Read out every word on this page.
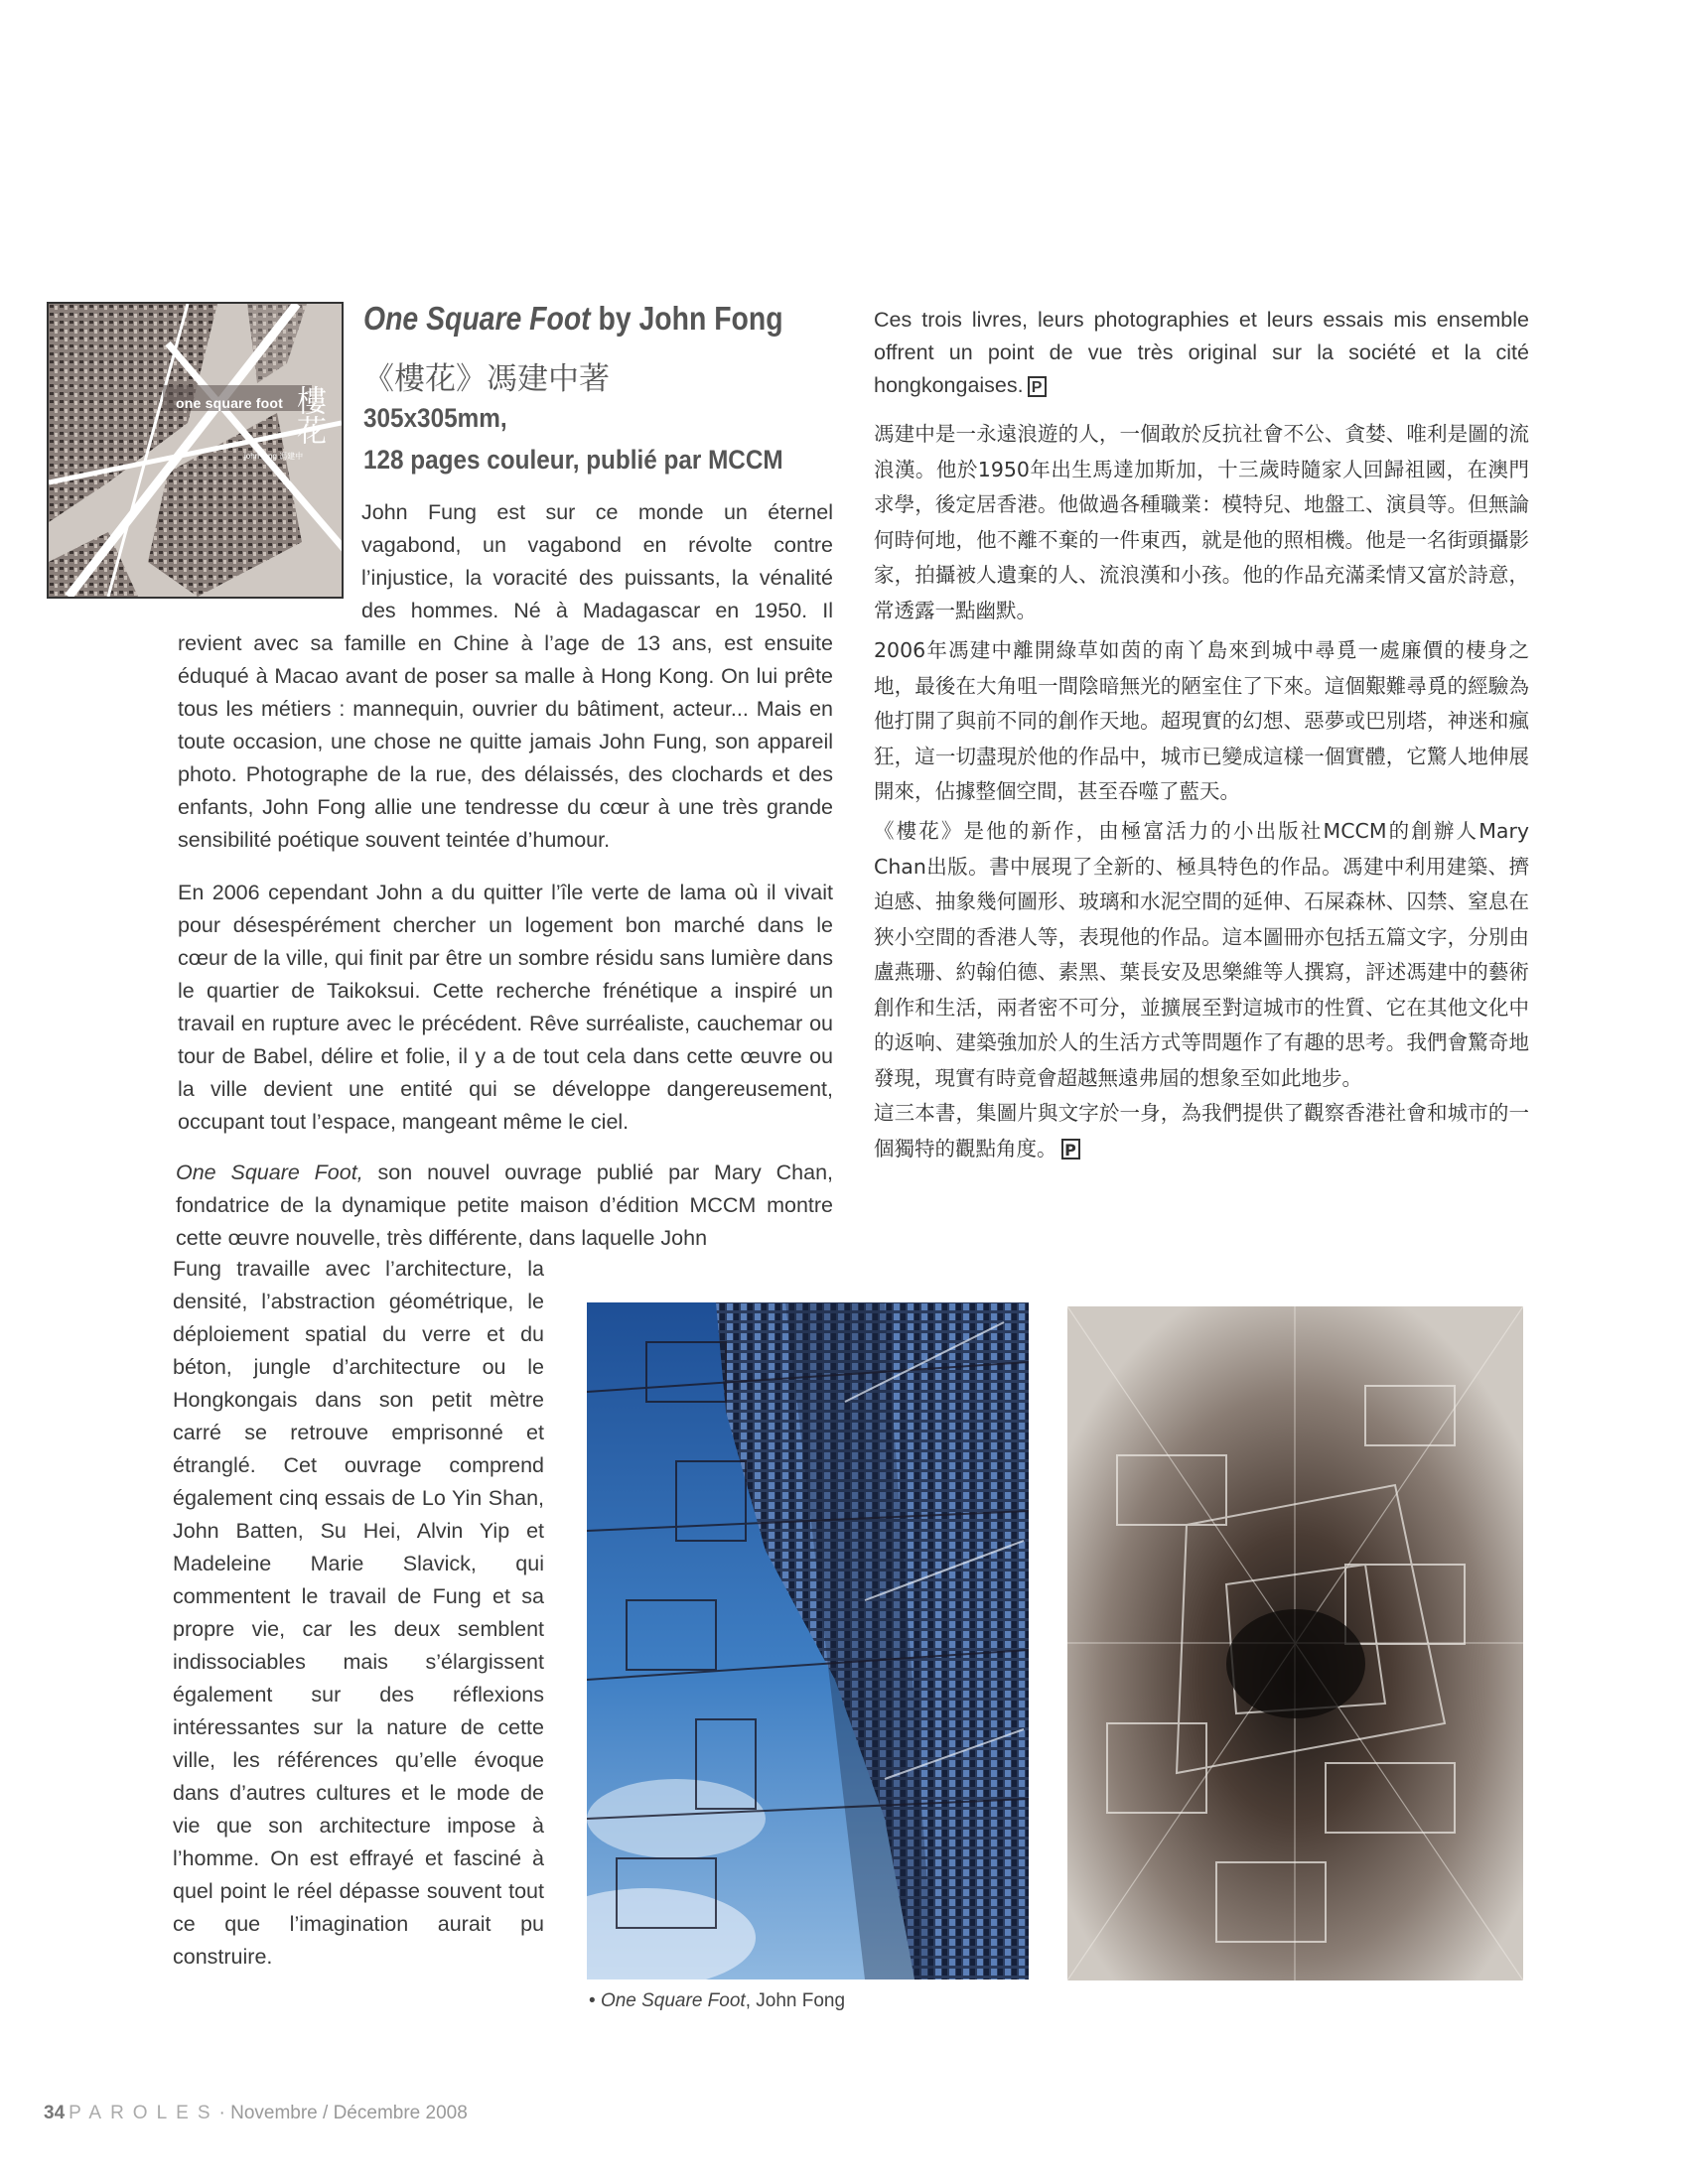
one square foot 樓花
john fong 馮建中
One Square Foot by John Fong
《樓花》馮建中著
305x305mm,
128 pages couleur, publié par MCCM
John Fung est sur ce monde un éternel vagabond, un vagabond en révolte contre l’injustice, la voracité des puissants, la vénalité des hommes. Né à Madagascar en 1950. Il revient avec sa famille en Chine à l’age de 13 ans, est ensuite éduqué à Macao avant de poser sa malle à Hong Kong. On lui prête tous les métiers : mannequin, ouvrier du bâtiment, acteur... Mais en toute occasion, une chose ne quitte jamais John Fung, son appareil photo. Photographe de la rue, des délaissés, des clochards et des enfants, John Fong allie une tendresse du cœur à une très grande sensibilité poétique souvent teintée d’humour.
En 2006 cependant John a du quitter l’île verte de lama où il vivait pour désespérément chercher un logement bon marché dans le cœur de la ville, qui finit par être un sombre résidu sans lumière dans le quartier de Taikoksui. Cette recherche frénétique a inspiré un travail en rupture avec le précédent. Rêve surréaliste, cauchemar ou tour de Babel, délire et folie, il y a de tout cela dans cette œuvre ou la ville devient une entité qui se développe dangereusement, occupant tout l’espace, mangeant même le ciel.
One Square Foot, son nouvel ouvrage publié par Mary Chan, fondatrice de la dynamique petite maison d’édition MCCM montre cette œuvre nouvelle, très différente, dans laquelle John
Fung travaille avec l’architecture, la densité, l’abstraction géométrique, le déploiement spatial du verre et du béton, jungle d’architecture ou le Hongkongais dans son petit mètre carré se retrouve emprisonné et étranglé. Cet ouvrage comprend également cinq essais de Lo Yin Shan, John Batten, Su Hei, Alvin Yip et Madeleine Marie Slavick, qui commentent le travail de Fung et sa propre vie, car les deux semblent indissociables mais s’élargissent également sur des réflexions intéressantes sur la nature de cette ville, les références qu’elle évoque dans d’autres cultures et le mode de vie que son architecture impose à l’homme. On est effrayé et fasciné à quel point le réel dépasse souvent tout ce que l’imagination aurait pu construire.
Ces trois livres, leurs photographies et leurs essais mis ensemble offrent un point de vue très original sur la société et la cité hongkongaises. P
馮建中是一永遠浪遊的人，一個敢於反抗社會不公、貪婪、唯利是圖的流浪漢。他於1950年出生馬達加斯加，十三歲時隨家人回歸祖國，在澳門求學，後定居香港。他做過各種職業：模特兒、地盤工、演員等。但無論何時何地，他不離不棄的一件東西，就是他的照相機。他是一名街頭攝影家，拍攝被人遺棄的人、流浪漢和小孩。他的作品充滿柔情又富於詩意，常透露一點幽默。
2006年馮建中離開綠草如茵的南丫島來到城中尋覓一處廉價的棲身之地，最後在大角咀一間陰暗無光的陋室住了下來。這個艱難尋覓的經驗為他打開了與前不同的創作天地。超現實的幻想、惡夢或巴別塔，神迷和瘋狂，這一切盡現於他的作品中，城市已變成這樣一個實體，它驚人地伸展開來，佔據整個空間，甚至吞噬了藍天。
《樓花》是他的新作，由極富活力的小出版社MCCM的創辦人Mary Chan出版。書中展現了全新的、極具特色的作品。馮建中利用建築、擠迫感、抽象幾何圖形、玻璃和水泥空間的延伸、石屎森林、囚禁、窒息在狹小空間的香港人等，表現他的作品。這本圖冊亦包括五篇文字，分別由盧燕珊、約翰伯德、素黑、葉長安及思樂維等人撰寫，評述馮建中的藝術創作和生活，兩者密不可分，並擴展至對這城市的性質、它在其他文化中的返响、建築強加於人的生活方式等問題作了有趣的思考。我們會驚奇地發現，現實有時竟會超越無遠弗屆的想象至如此地步。
這三本書，集圖片與文字於一身，為我們提供了觀察香港社會和城市的一個獨特的觀點角度。 P
• One Square Foot, John Fong
34 PAROLES· Novembre / Décembre 2008
